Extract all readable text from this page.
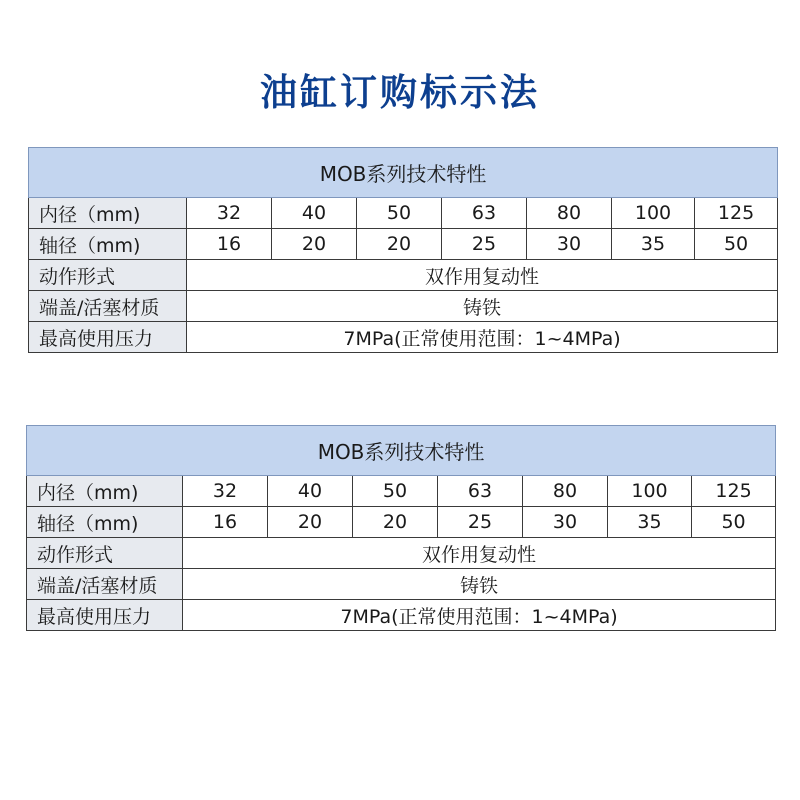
油缸订购标示法
MOB系列技术特性							
内径（mm)	32	40	50	63	80	100	125
轴径（mm)	16	20	20	25	30	35	50
动作形式	双作用复动性						
端盖/活塞材质	铸铁						
最高使用压力	7MPa(正常使用范围：1~4MPa)						
MOB系列技术特性							
内径（mm)	32	40	50	63	80	100	125
轴径（mm)	16	20	20	25	30	35	50
动作形式	双作用复动性						
端盖/活塞材质	铸铁						
最高使用压力	7MPa(正常使用范围：1~4MPa)						
